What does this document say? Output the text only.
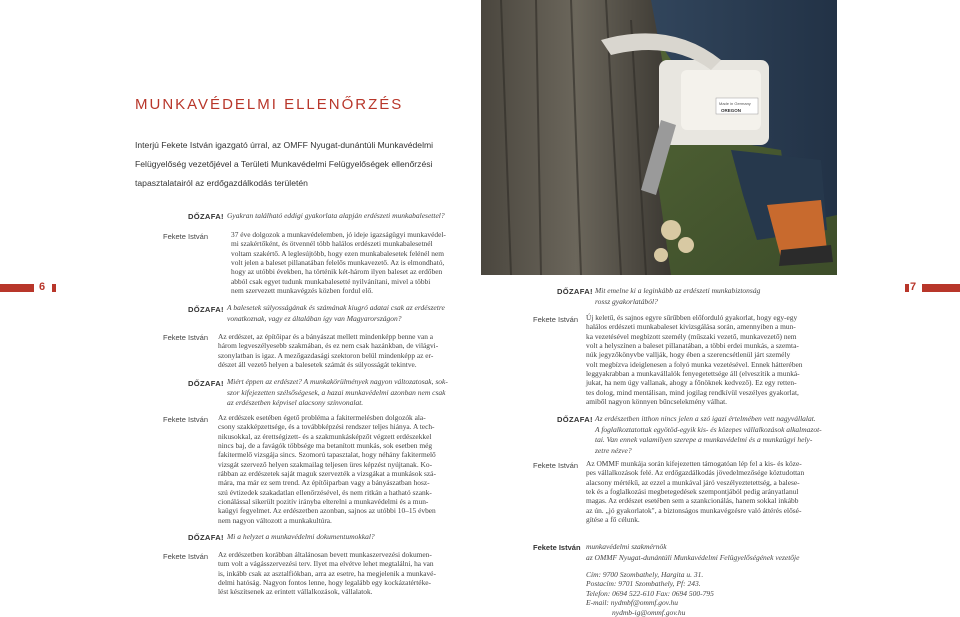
6	7
Made in Germany
OREGON
MUNKAVÉDELMI ELLENŐRZÉS
Interjú Fekete István igazgató úrral, az OMFF Nyugat-dunántúli Munkavédelmi
Felügyelőség vezetőjével a Területi Munkavédelmi Felügyelőségek ellenőrzési
tapasztalatairól az erdőgazdálkodás területén
DŐZAFA! Gyakran található eddigi gyakorlata alapján erdészeti munkabalesettel?
Fekete István	37 éve dolgozok a munkavédelemben, jó ideje igazságügyi munkavédel-
mi szakértőként, és ötvennél több halálos erdészeti munkabalesetnél
voltam szakértő. A leglesújtóbb, hogy ezen munkabalesetek felénél nem
volt jelen a baleset pillanatában felelős munkavezető. Az is elmondható,
hogy az utóbbi években, ha történik két-három ilyen baleset az erdőben
abból csak egyet tudunk munkabalesetté nyilvánítani, mivel a többi
nem szervezett munkavégzés közben fordul elő.
DŐZAFA! A balesetek súlyosságának és számának kiugró adatai csak az erdészetre
vonatkoznak, vagy ez általában így van Magyarországon?
Fekete István Az erdészet, az építőipar és a bányászat mellett mindenképp benne van a
három legveszélyesebb szakmában, és ez nem csak hazánkban, de világvi-
szonylatban is igaz. A mezőgazdasági szektoron belül mindenképp az er-
dészet áll vezető helyen a balesetek számát és súlyosságát tekintve.
DŐZAFA! Miért éppen az erdészet? A munkakörülmények nagyon változatosak, sok-
szor kifejezetten szélsőségesek, a hazai munkavédelmi azonban nem csak
az erdészetben képvisel alacsony színvonalat.
Fekete István Az erdészek esetében égető probléma a fakitermelésben dolgozók ala-
csony szakképzettsége, és a továbbképzési rendszer teljes hiánya. A tech-
nikusokkal, az érettségizett- és a szakmunkásképzőt végzett erdészekkel
nincs baj, de a favágók többsége ma betanított munkás, sok esetben még
fakitermelő vizsgája sincs. Szomorú tapasztalat, hogy néhány fakitermelő
vizsgát szervező helyen szakmailag teljesen üres képzést nyújtanak. Ko-
rábban az erdészetek saját maguk szervezték a vizsgákat a munkások szá-
mára, ma már ez sem trend. Az építőiparban vagy a bányászatban hosz-
szú évtizedek szakadatlan ellenőrzésével, és nem ritkán a hatható szank-
cionálással sikerült pozitív irányba elterelni a munkavédelmi és a mun-
kaügyi fegyelmet. Az erdészetben azonban, sajnos az utóbbi 10–15 évben
nem nagyon változott a munkakultúra.
DŐZAFA! Mi a helyzet a munkavédelmi dokumentumokkal?
Fekete István Az erdészetben korábban általánosan bevett munkaszervezési dokumen-
tum volt a vágásszervezési terv. Ilyet ma elvétve lehet megtalálni, ha van
is, inkább csak az asztalfiókban, arra az esetre, ha megjelenik a munkavé-
delmi hatóság. Nagyon fontos lenne, hogy legalább egy kockázatértéke-
lést készítsenek az erintett vállalkozások, vállalatok.
DŐZAFA! Mit emelne ki a leginkább az erdészeti munkabiztonság
rossz gyakorlatából?
Fekete István Új keletű, és sajnos egyre sűrűbben előforduló gyakorlat, hogy egy-egy
halálos erdészeti munkabaleset kivizsgálása során, amennyiben a mun-
ka vezetésével megbízott személy (műszaki vezető, munkavezető) nem
volt a helyszínen a baleset pillanatában, a többi erdei munkás, a szemta-
núk jegyzőkönyvbe vallják, hogy ében a szerencsétlenül járt személy
volt megbízva ideiglenesen a folyó munka vezetésével. Ennek hátterében
leggyakrabban a munkavállalók fenyegetettsége áll (elveszítik a munká-
jukat, ha nem úgy vallanak, ahogy a főnöknek kedvező). Ez egy retten-
tes dolog, mind mentálisan, mind jogilag rendkívül veszélyes gyakorlat,
amiből nagyon könnyen bűncselekmény válhat.
DŐZAFA! Az erdészetben itthon nincs jelen a szó igazi értelmében vett nagyvállalat.
A foglalkoztatottak egyötöd-egyik kis- és közepes vállalkozások alkalmazot-
tai. Van ennek valamilyen szerepe a munkavédelmi és a munkaügyi hely-
zetre nézve?
Fekete István Az OMMF munkája során kifejezetten támogatóan lép fel a kis- és köze-
pes vállalkozások felé. Az erdőgazdálkodás jövedelmezősége köztudottan
alacsony mértékű, az ezzel a munkával járó veszélyeztetettség, a balese-
tek és a foglalkozási megbetegedések szempontjából pedig arányatlanul
magas. Az erdészet esetében sem a szankcionálás, hanem sokkal inkább
az ún. „jó gyakorlatok", a biztonságos munkavégzésre való áttérés elősé-
gítése a fő célunk.
Fekete István munkavédelmi szakmérnök
az OMMF Nyugat-dunántúli Munkavédelmi Felügyelőségének vezetője
Cím: 9700 Szombathely, Hargita u. 31.
Postacím: 9701 Szombathely, Pf: 243.
Telefon: 0694 522-610 Fax: 0694 500-795
E-mail: nydmbf@ommf.gov.hu
nydmb-ig@ommf.gov.hu
